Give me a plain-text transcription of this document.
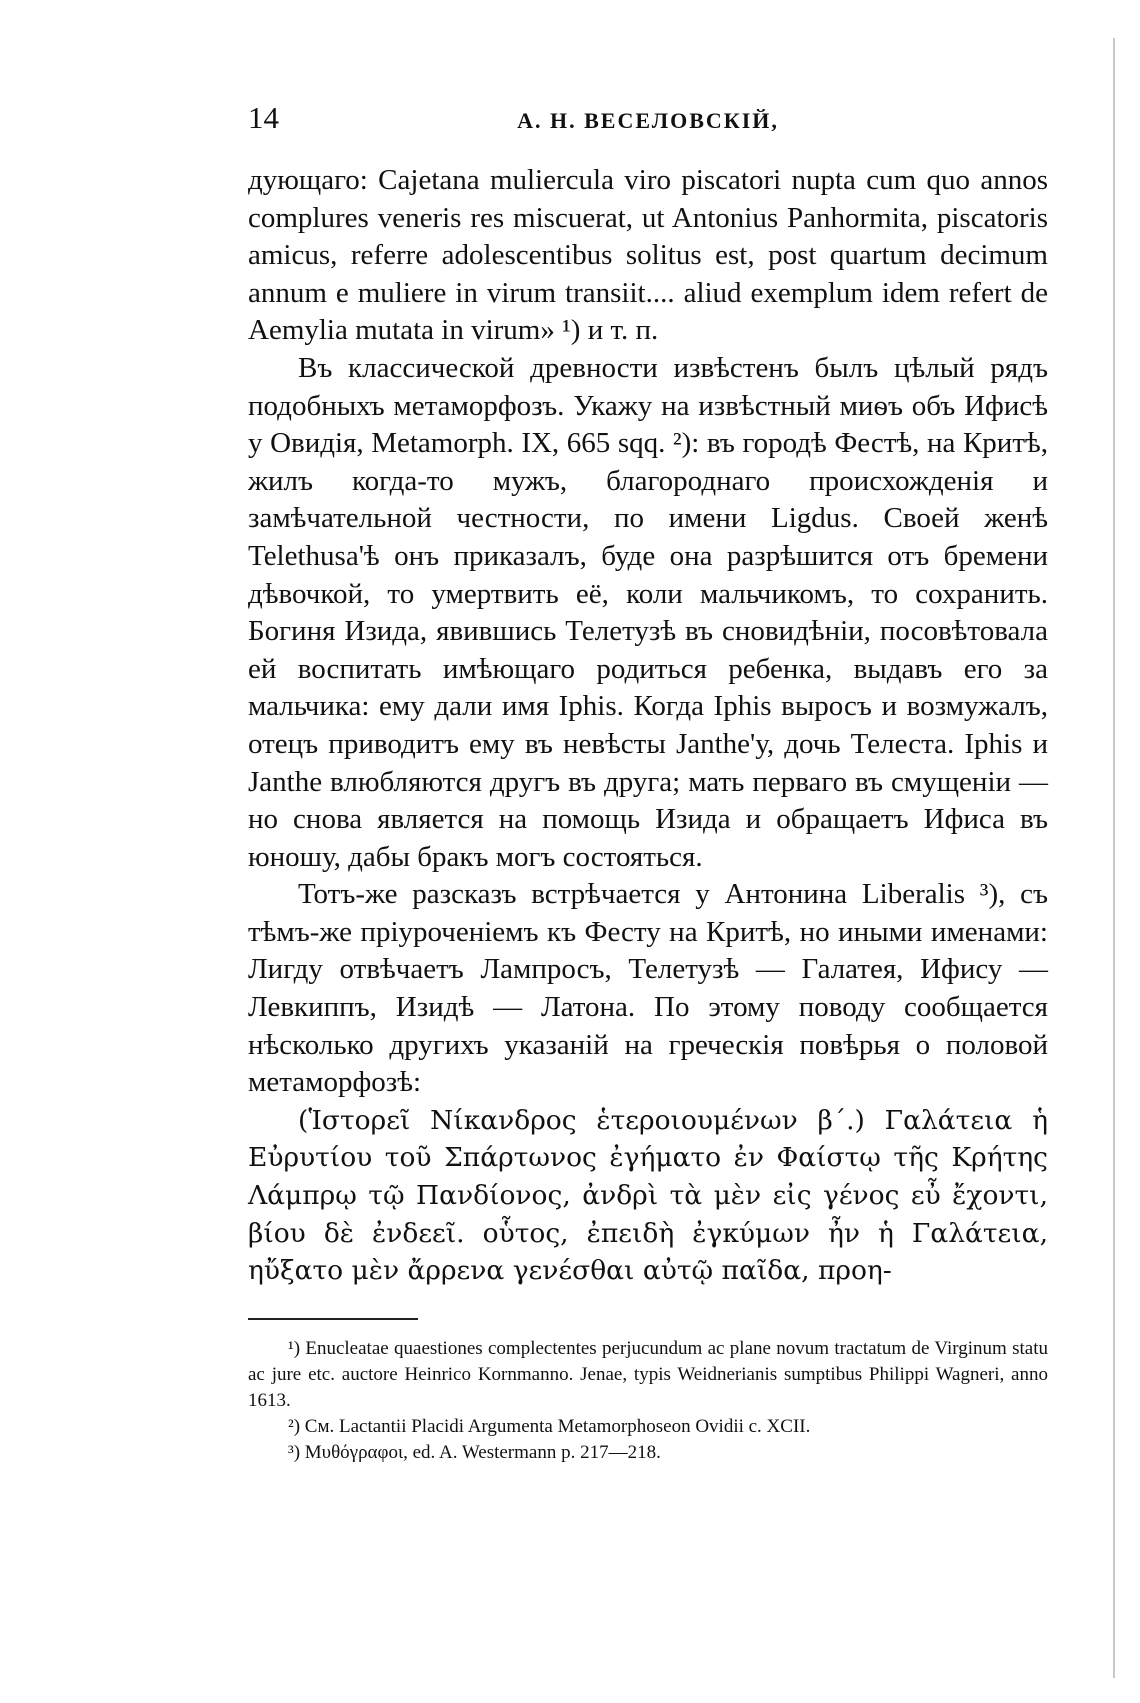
14	А. Н. ВЕСЕЛОВСКІЙ,

дующаго: Cajetana muliercula viro piscatori nupta cum quo annos complures veneris res miscuerat, ut Antonius Panhormita, piscatoris amicus, referre adolescentibus solitus est, post quartum decimum annum e muliere in virum transiit.... aliud exemplum idem refert de Aemylia mutata in virum» ¹) и т. п.

Въ классической древности извѣстенъ былъ цѣлый рядъ подобныхъ метаморфозъ. Укажу на извѣстный миѳъ объ Ифисѣ у Овидія, Metamorph. IX, 665 sqq. ²): въ городѣ Фестѣ, на Критѣ, жилъ когда-то мужъ, благороднаго происхожденія и замѣчательной честности, по имени Ligdus. Своей женѣ Telethusa'ѣ онъ приказалъ, буде она разрѣшится отъ бремени дѣвочкой, то умертвить её, коли мальчикомъ, то сохранить. Богиня Изида, явившись Телетузѣ въ сновидѣніи, посовѣтовала ей воспитать имѣющаго родиться ребенка, выдавъ его за мальчика: ему дали имя Iphis. Когда Iphis выросъ и возмужалъ, отецъ приводитъ ему въ невѣсты Janthe'у, дочь Телеста. Iphis и Janthe влюбляются другъ въ друга; мать перваго въ смущеніи — но снова является на помощь Изида и обращаетъ Ифиса въ юношу, дабы бракъ могъ состояться.

Тотъ-же разсказъ встрѣчается у Антонина Liberalis ³), съ тѣмъ-же пріуроченіемъ къ Фесту на Критѣ, но иными именами: Лигду отвѣчаетъ Лампросъ, Телетузѣ — Галатея, Ифису — Левкиппъ, Изидѣ — Латона. По этому поводу сообщается нѣсколько другихъ указаній на греческія повѣрья о половой метаморфозѣ:

(Ἱστορεῖ Νίκανδρος ἑτεροιουμένων β΄.) Γαλάτεια ἡ Εὐρυτίου τοῦ Σπάρτωνος ἐγήματο ἐν Φαίστῳ τῆς Κρήτης Λάμπρῳ τῷ Πανδίονος, ἀνδρὶ τὰ μὲν εἰς γένος εὖ ἔχοντι, βίου δὲ ἐνδεεῖ. οὗτος, ἐπειδὴ ἐγκύμων ἦν ἡ Γαλάτεια, ηὔξατο μὲν ἄρρενα γενέσθαι αὐτῷ παῖδα, προη-

¹) Enucleatae quaestiones complectentes perjucundum ac plane novum tractatum de Virginum statu ac jure etc. auctore Heinrico Kornmanno. Jenae, typis Weidnerianis sumptibus Philippi Wagneri, anno 1613.

²) Cм. Lactantii Placidi Argumenta Metamorphoseon Ovidii c. XCII.

³) Μυθόγραφοι, ed. A. Westermann p. 217—218.
